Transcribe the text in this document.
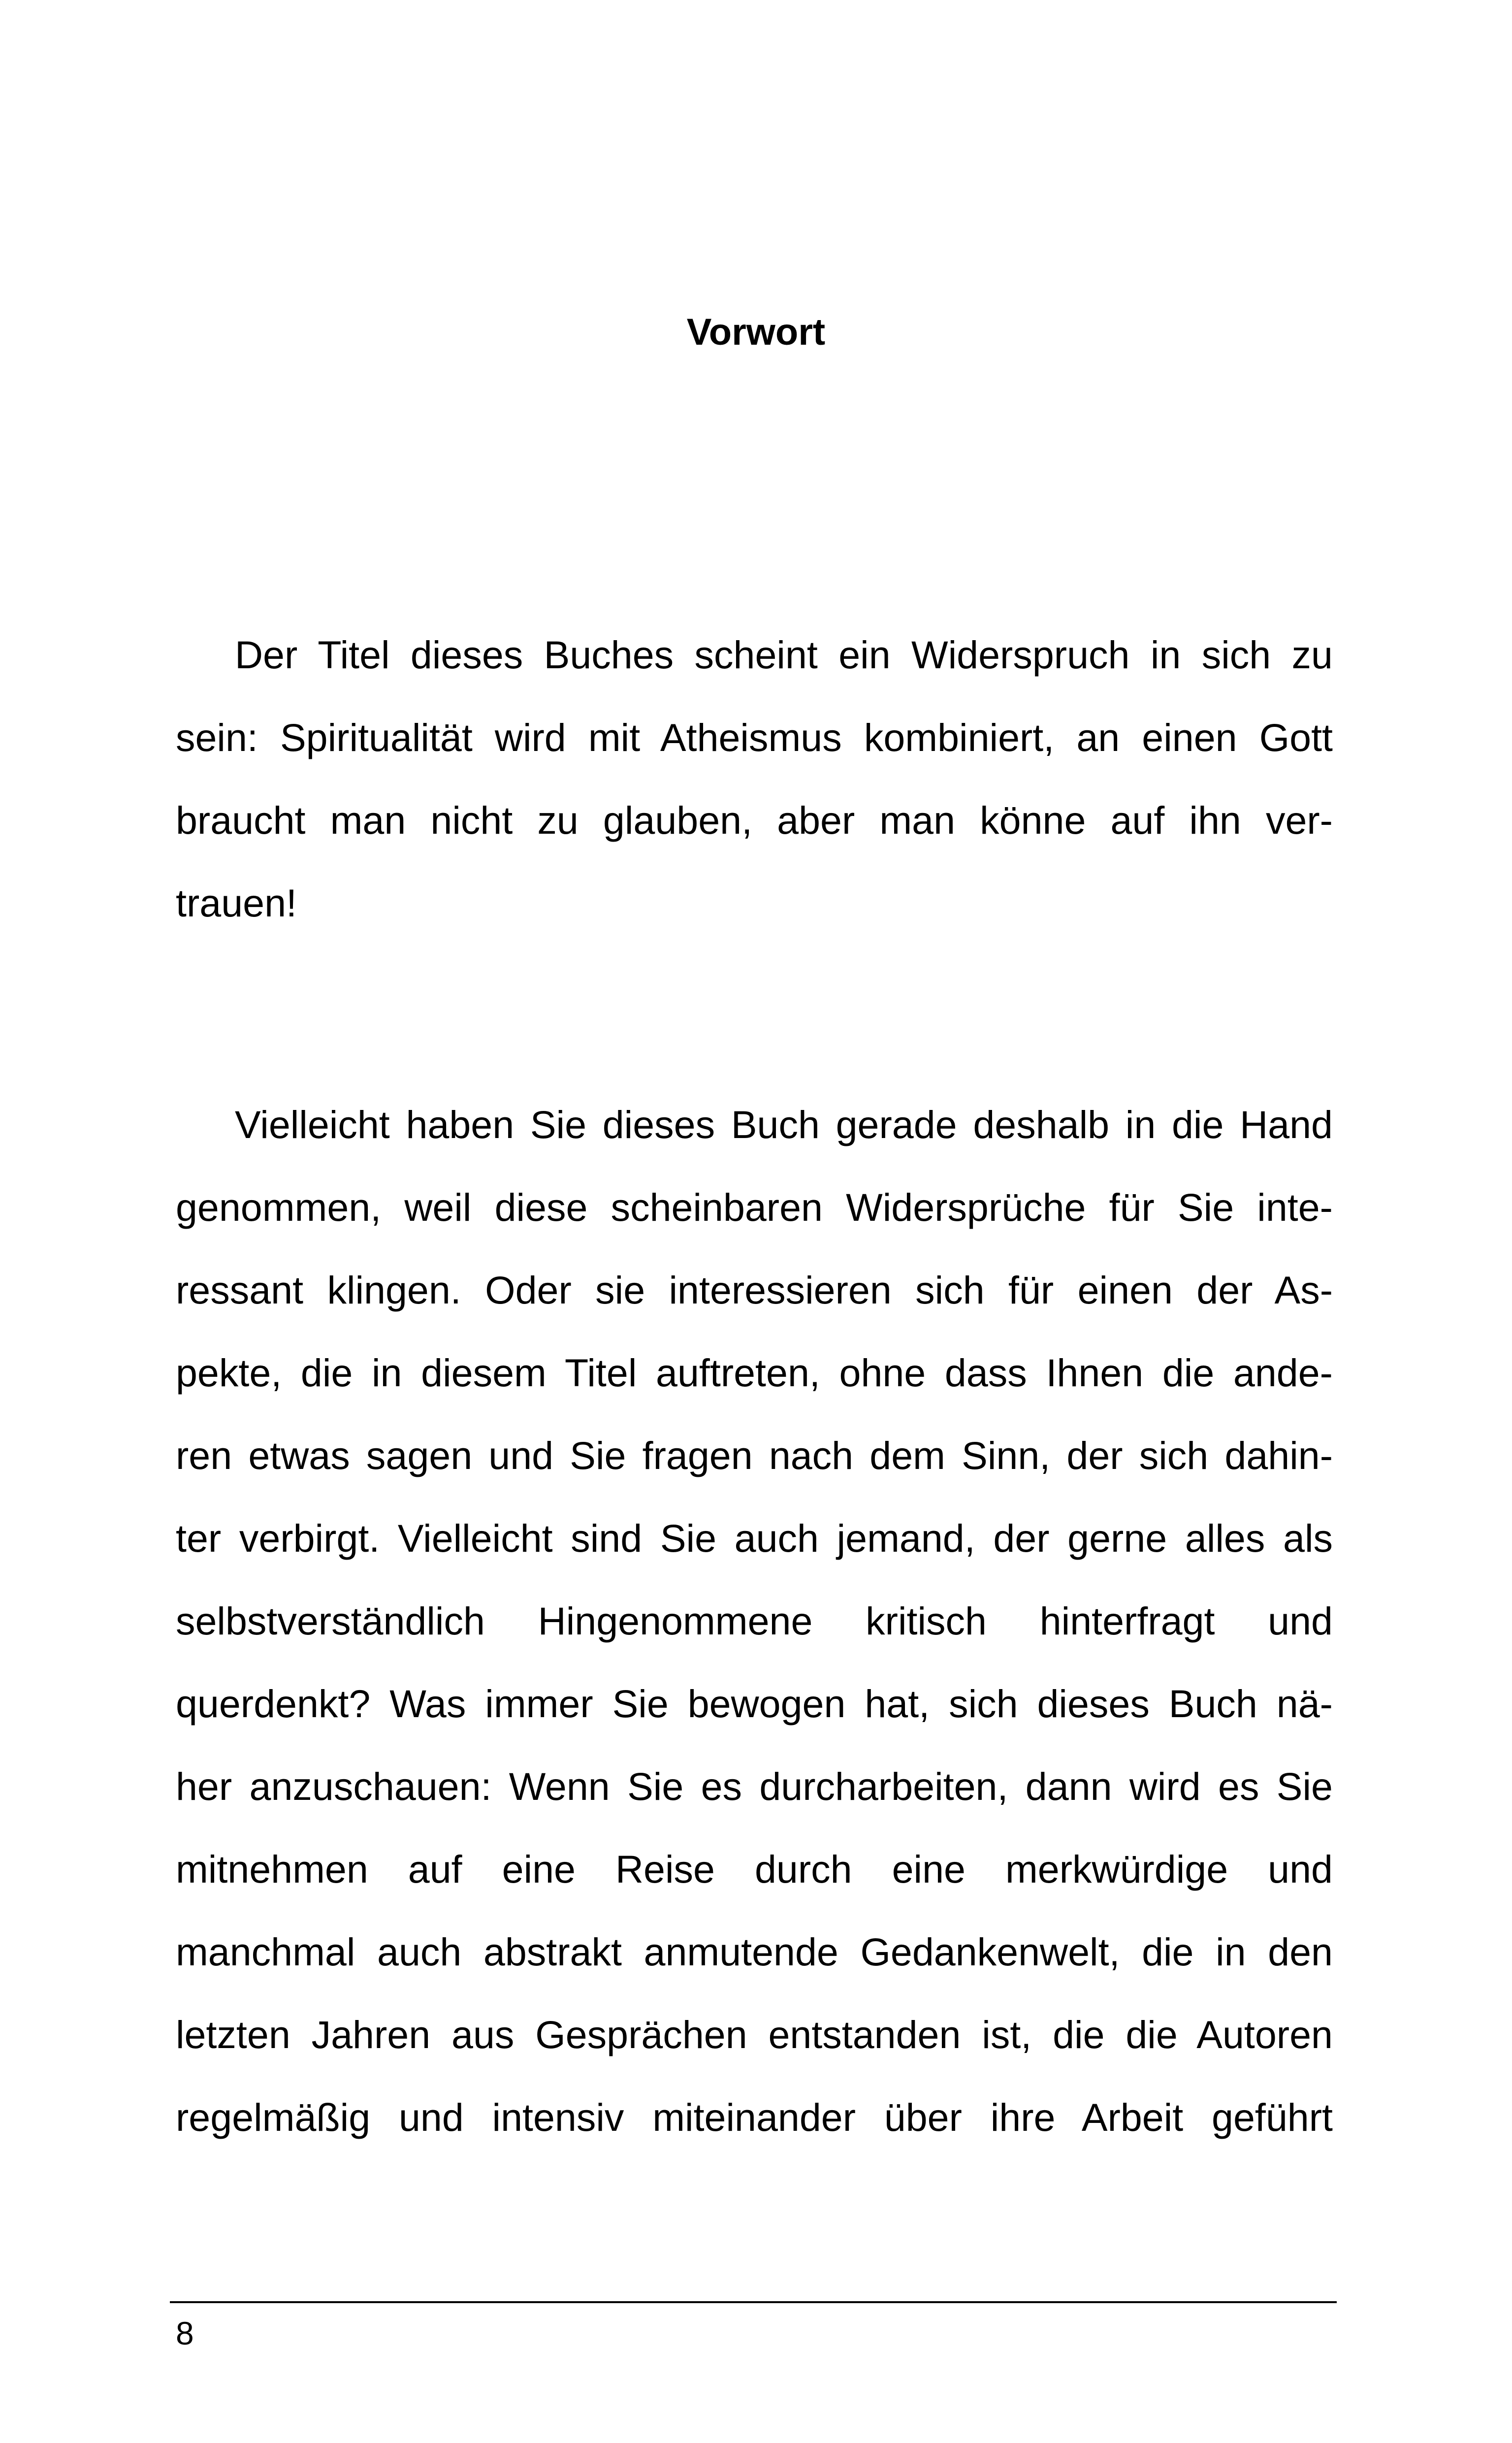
Vorwort
Der Titel dieses Buches scheint ein Widerspruch in sich zu
sein: Spiritualität wird mit Atheismus kombiniert, an einen Gott
braucht man nicht zu glauben, aber man könne auf ihn ver-
trauen!
Vielleicht haben Sie dieses Buch gerade deshalb in die Hand
genommen, weil diese scheinbaren Widersprüche für Sie inte-
ressant klingen. Oder sie interessieren sich für einen der As-
pekte, die in diesem Titel auftreten, ohne dass Ihnen die ande-
ren etwas sagen und Sie fragen nach dem Sinn, der sich dahin-
ter verbirgt. Vielleicht sind Sie auch jemand, der gerne alles als
selbstverständlich Hingenommene kritisch hinterfragt und
querdenkt? Was immer Sie bewogen hat, sich dieses Buch nä-
her anzuschauen: Wenn Sie es durcharbeiten, dann wird es Sie
mitnehmen auf eine Reise durch eine merkwürdige und
manchmal auch abstrakt anmutende Gedankenwelt, die in den
letzten Jahren aus Gesprächen entstanden ist, die die Autoren
regelmäßig und intensiv miteinander über ihre Arbeit geführt
8
